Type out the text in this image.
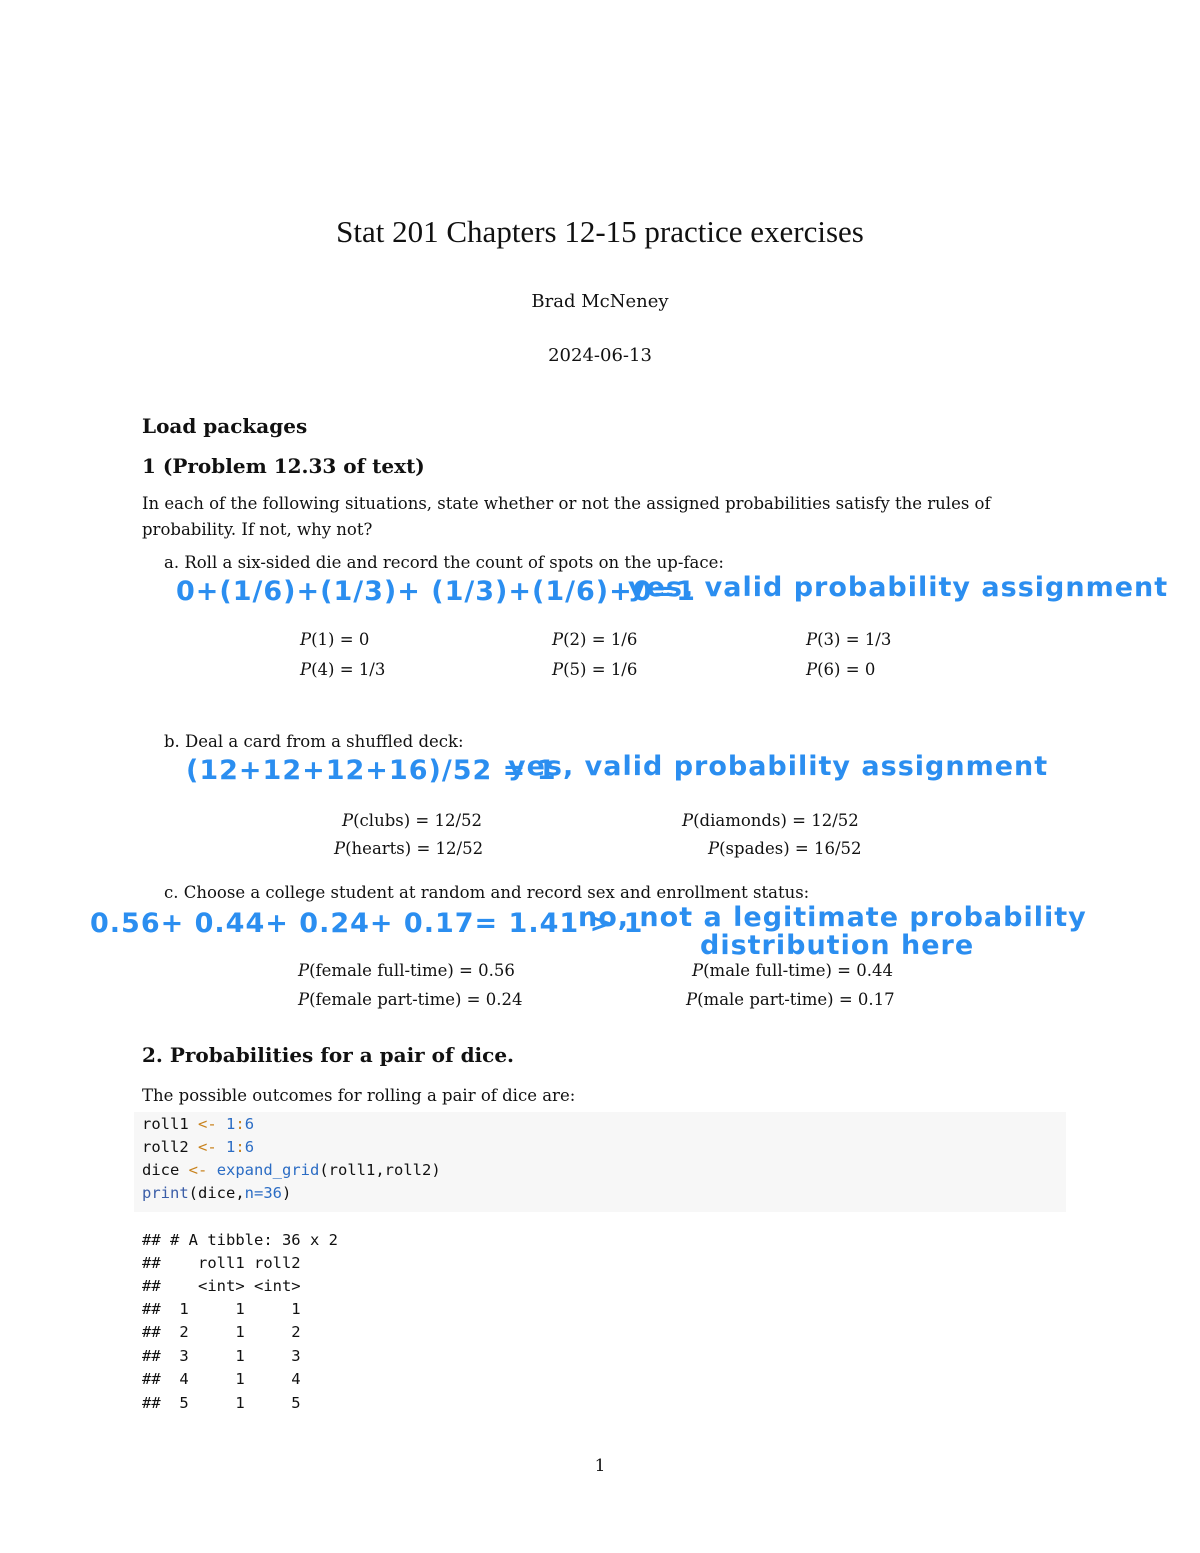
Stat 201 Chapters 12-15 practice exercises
Brad McNeney
2024-06-13
Load packages
1 (Problem 12.33 of text)
In each of the following situations, state whether or not the assigned probabilities satisfy the rules of
probability. If not, why not?
a. Roll a six-sided die and record the count of spots on the up-face:
0+(1/6)+(1/3)+ (1/3)+(1/6)+0=1
yes, valid probability assignment
P(1) = 0	P(2) = 1/6	P(3) = 1/3
P(4) = 1/3	P(5) = 1/6	P(6) = 0
b. Deal a card from a shuffled deck:
(12+12+12+16)/52 = 1
yes, valid probability assignment
P(clubs) = 12/52	P(diamonds) = 12/52
P(hearts) = 12/52	P(spades) = 16/52
c. Choose a college student at random and record sex and enrollment status:
0.56+ 0.44+ 0.24+ 0.17= 1.41 > 1
no, not a legitimate probability
distribution here
P(female full-time) = 0.56	P(male full-time) = 0.44
P(female part-time) = 0.24	P(male part-time) = 0.17
2. Probabilities for a pair of dice.
The possible outcomes for rolling a pair of dice are:
roll1 <- 1:6
roll2 <- 1:6
dice <- expand_grid(roll1,roll2)
print(dice,n=36)
## # A tibble: 36 x 2
##    roll1 roll2
##    <int> <int>
##  1     1     1
##  2     1     2
##  3     1     3
##  4     1     4
##  5     1     5
1
